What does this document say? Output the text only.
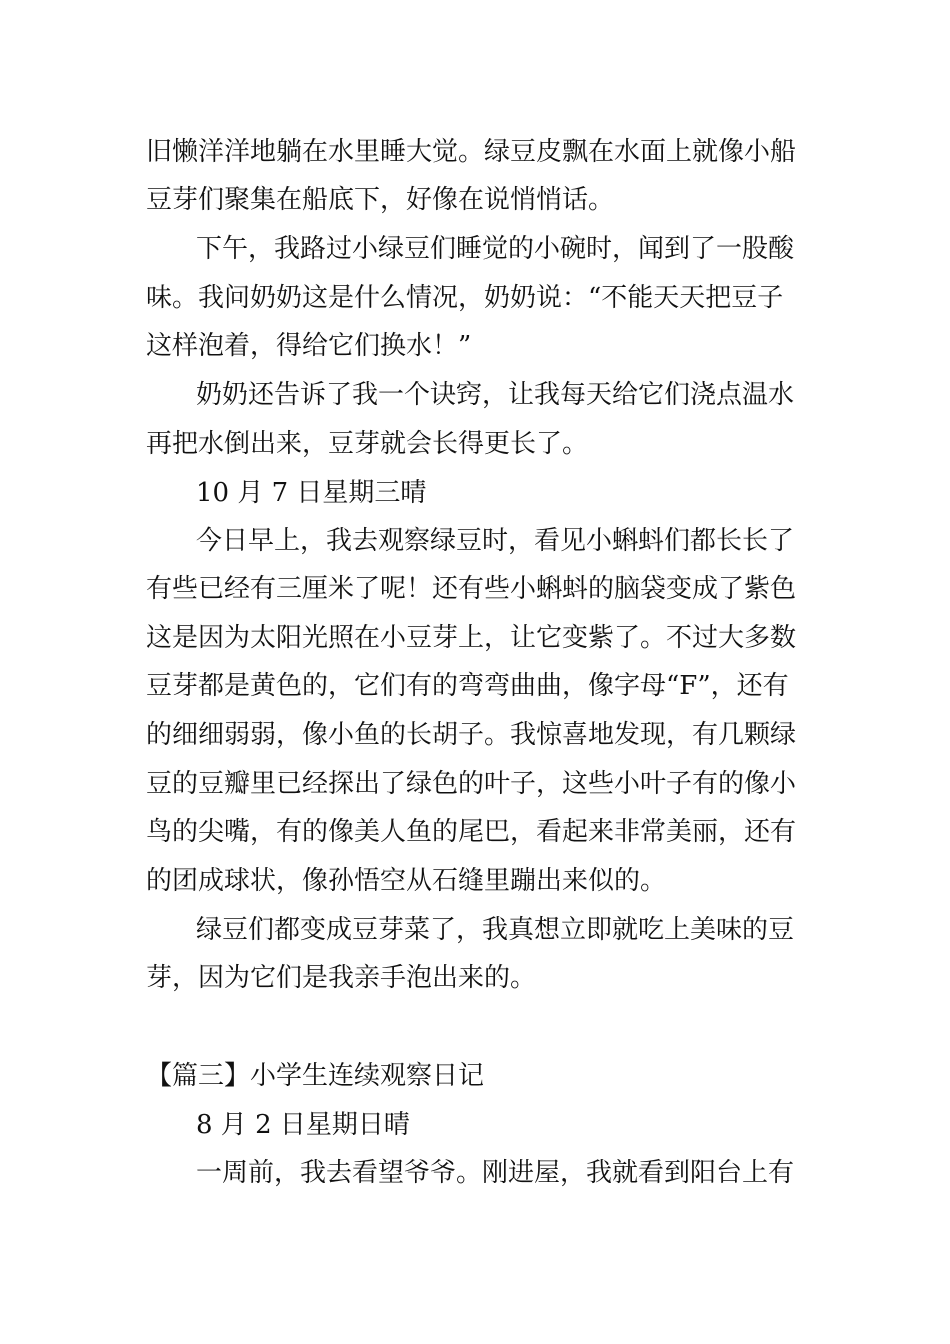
旧懒洋洋地躺在水里睡大觉。绿豆皮飘在水面上就像小船
豆芽们聚集在船底下，好像在说悄悄话。
下午，我路过小绿豆们睡觉的小碗时，闻到了一股酸
味。我问奶奶这是什么情况，奶奶说：“不能天天把豆子
这样泡着，得给它们换水！”
奶奶还告诉了我一个诀窍，让我每天给它们浇点温水
再把水倒出来，豆芽就会长得更长了。
10 月 7 日星期三晴
今日早上，我去观察绿豆时，看见小蝌蚪们都长长了
有些已经有三厘米了呢！还有些小蝌蚪的脑袋变成了紫色
这是因为太阳光照在小豆芽上，让它变紫了。不过大多数
豆芽都是黄色的，它们有的弯弯曲曲，像字母“F”，还有
的细细弱弱，像小鱼的长胡子。我惊喜地发现，有几颗绿
豆的豆瓣里已经探出了绿色的叶子，这些小叶子有的像小
鸟的尖嘴，有的像美人鱼的尾巴，看起来非常美丽，还有
的团成球状，像孙悟空从石缝里蹦出来似的。
绿豆们都变成豆芽菜了，我真想立即就吃上美味的豆
芽，因为它们是我亲手泡出来的。
【篇三】小学生连续观察日记
8 月 2 日星期日晴
一周前，我去看望爷爷。刚进屋，我就看到阳台上有
